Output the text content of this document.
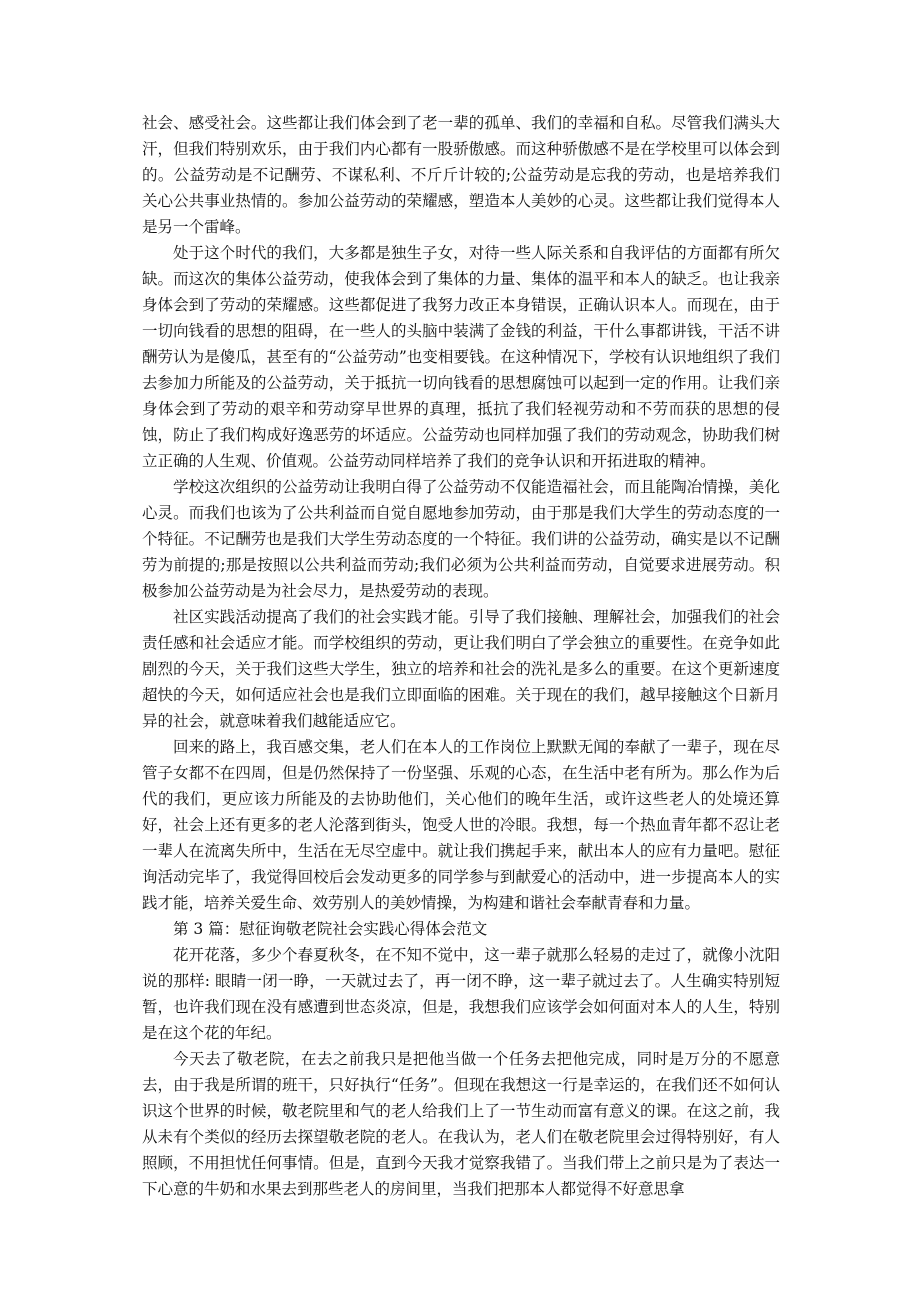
社会、感受社会。这些都让我们体会到了老一辈的孤单、我们的幸福和自私。尽管我们满头大汗，但我们特别欢乐，由于我们内心都有一股骄傲感。而这种骄傲感不是在学校里可以体会到的。公益劳动是不记酬劳、不谋私利、不斤斤计较的;公益劳动是忘我的劳动，也是培养我们关心公共事业热情的。参加公益劳动的荣耀感，塑造本人美妙的心灵。这些都让我们觉得本人是另一个雷峰。

处于这个时代的我们，大多都是独生子女，对待一些人际关系和自我评估的方面都有所欠缺。而这次的集体公益劳动，使我体会到了集体的力量、集体的温平和本人的缺乏。也让我亲身体会到了劳动的荣耀感。这些都促进了我努力改正本身错误，正确认识本人。而现在，由于一切向钱看的思想的阻碍，在一些人的头脑中装满了金钱的利益，干什么事都讲钱，干活不讲酬劳认为是傻瓜，甚至有的“公益劳动”也变相要钱。在这种情况下，学校有认识地组织了我们去参加力所能及的公益劳动，关于抵抗一切向钱看的思想腐蚀可以起到一定的作用。让我们亲身体会到了劳动的艰辛和劳动穿早世界的真理，抵抗了我们轻视劳动和不劳而获的思想的侵蚀，防止了我们构成好逸恶劳的坏适应。公益劳动也同样加强了我们的劳动观念，协助我们树立正确的人生观、价值观。公益劳动同样培养了我们的竞争认识和开拓进取的精神。

学校这次组织的公益劳动让我明白得了公益劳动不仅能造福社会，而且能陶冶情操，美化心灵。而我们也该为了公共利益而自觉自愿地参加劳动，由于那是我们大学生的劳动态度的一个特征。不记酬劳也是我们大学生劳动态度的一个特征。我们讲的公益劳动，确实是以不记酬劳为前提的;那是按照以公共利益而劳动;我们必须为公共利益而劳动，自觉要求进展劳动。积极参加公益劳动是为社会尽力，是热爱劳动的表现。

社区实践活动提高了我们的社会实践才能。引导了我们接触、理解社会，加强我们的社会责任感和社会适应才能。而学校组织的劳动，更让我们明白了学会独立的重要性。在竞争如此剧烈的今天，关于我们这些大学生，独立的培养和社会的洗礼是多么的重要。在这个更新速度超快的今天，如何适应社会也是我们立即面临的困难。关于现在的我们，越早接触这个日新月异的社会，就意味着我们越能适应它。

回来的路上，我百感交集，老人们在本人的工作岗位上默默无闻的奉献了一辈子，现在尽管子女都不在四周，但是仍然保持了一份坚强、乐观的心态，在生活中老有所为。那么作为后代的我们，更应该力所能及的去协助他们，关心他们的晚年生活，或许这些老人的处境还算好，社会上还有更多的老人沦落到街头，饱受人世的冷眼。我想，每一个热血青年都不忍让老一辈人在流离失所中，生活在无尽空虚中。就让我们携起手来，献出本人的应有力量吧。慰征询活动完毕了，我觉得回校后会发动更多的同学参与到献爱心的活动中，进一步提高本人的实践才能，培养关爱生命、效劳别人的美妙情操，为构建和谐社会奉献青春和力量。

第 3 篇：慰征询敬老院社会实践心得体会范文

花开花落，多少个春夏秋冬，在不知不觉中，这一辈子就那么轻易的走过了，就像小沈阳说的那样: 眼睛一闭一睁，一天就过去了，再一闭不睁，这一辈子就过去了。人生确实特别短暂，也许我们现在没有感遭到世态炎凉，但是，我想我们应该学会如何面对本人的人生，特别是在这个花的年纪。

今天去了敬老院，在去之前我只是把他当做一个任务去把他完成，同时是万分的不愿意去，由于我是所谓的班干，只好执行“任务”。但现在我想这一行是幸运的，在我们还不如何认识这个世界的时候，敬老院里和气的老人给我们上了一节生动而富有意义的课。在这之前，我从未有个类似的经历去探望敬老院的老人。在我认为，老人们在敬老院里会过得特别好，有人照顾，不用担忧任何事情。但是，直到今天我才觉察我错了。当我们带上之前只是为了表达一下心意的牛奶和水果去到那些老人的房间里，当我们把那本人都觉得不好意思拿
